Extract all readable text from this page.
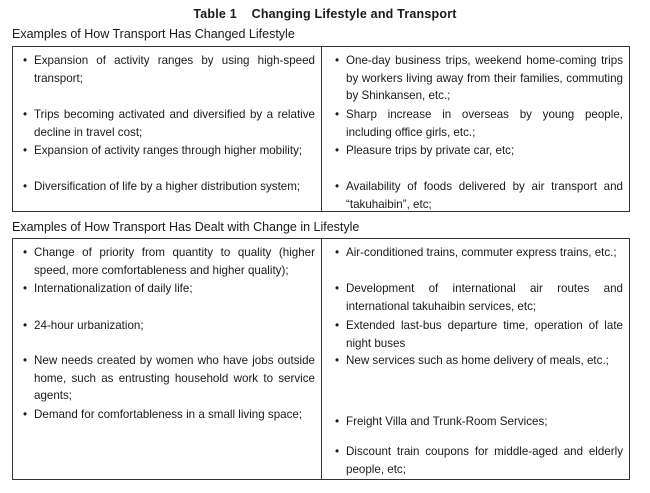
Table 1    Changing Lifestyle and Transport
Examples of How Transport Has Changed Lifestyle
• Expansion of activity ranges by using high-speed transport;
• Trips becoming activated and diversified by a relative decline in travel cost;
• Expansion of activity ranges through higher mobility;
• Diversification of life by a higher distribution system;
• One-day business trips, weekend home-coming trips by workers living away from their families, commuting by Shinkansen, etc.;
• Sharp increase in overseas by young people, including office girls, etc.;
• Pleasure trips by private car, etc;
• Availability of foods delivered by air transport and “takuhaibin”, etc;
Examples of How Transport Has Dealt with Change in Lifestyle
• Change of priority from quantity to quality (higher speed, more comfortableness and higher quality);
• Internationalization of daily life;
• 24-hour urbanization;
• New needs created by women who have jobs outside home, such as entrusting household work to service agents;
• Demand for comfortableness in a small living space;
• Air-conditioned trains, commuter express trains, etc.;
• Development of international air routes and international takuhaibin services, etc;
• Extended last-bus departure time, operation of late night buses
• New services such as home delivery of meals, etc.;
• Freight Villa and Trunk-Room Services;
• Discount train coupons for middle-aged and elderly people, etc;
